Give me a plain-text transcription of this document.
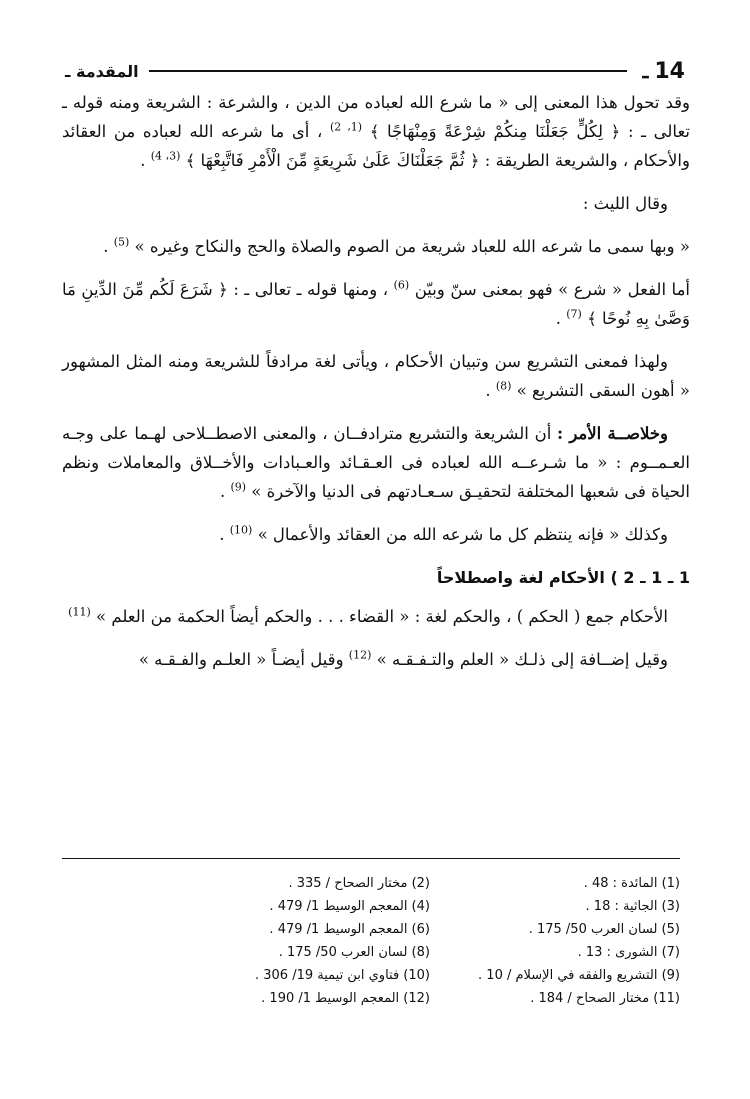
14
ـ
المقدمة ـ

وقد تحول هذا المعنى إلى « ما شرع الله لعباده من الدين ، والشرعة : الشريعة ومنه قوله ـ تعالى ـ : ﴿ لِكُلٍّ جَعَلْنَا مِنكُمْ شِرْعَةً وَمِنْهَاجًا ﴾ $^{(1، 2)}$ ، أى ما شرعه الله لعباده من العقائد والأحكام ، والشريعة الطريقة : ﴿ ثُمَّ جَعَلْنَاكَ عَلَىٰ شَرِيعَةٍ مِّنَ الْأَمْرِ فَاتَّبِعْهَا ﴾ $^{(3، 4)}$ .

وقال الليث :

« وبها سمى ما شرعه الله للعباد شريعة من الصوم والصلاة والحج والنكاح وغيره » $^{(5)}$ .

أما الفعل « شرع » فهو بمعنى سنّ وبيّن $^{(6)}$ ، ومنها قوله ـ تعالى ـ : ﴿ شَرَعَ لَكُم مِّنَ الدِّينِ مَا وَصَّىٰ بِهِ نُوحًا ﴾ $^{(7)}$ .

ولهذا فمعنى التشريع سن وتبيان الأحكام ، ويأتى لغة مرادفاً للشريعة ومنه المثل المشهور « أهون السقى التشريع » $^{(8)}$ .

وخلاصــة الأمر : أن الشريعة والتشريع مترادفــان ، والمعنى الاصطــلاحى لهـما على وجـه العـمــوم : « ما شـرعــه الله لعباده فى العـقـائد والعـبادات والأخــلاق والمعاملات ونظم الحياة فى شعبها المختلفة لتحقيـق سـعـادتهم فى الدنيا والآخرة » $^{(9)}$ .

وكذلك « فإنه ينتظم كل ما شرعه الله من العقائد والأعمال » $^{(10)}$ .

1 ـ 1 ـ 2 ) الأحكام لغة واصطلاحاً

الأحكام جمع ( الحكم ) ، والحكم لغة : « القضاء . . . والحكم أيضاً الحكمة من العلم » $^{(11)}$

وقيل إضــافة إلى ذلـك « العلم والتـفـقـه » $^{(12)}$ وقيل أيضـاً « العلـم والفـقـه »

(1) المائدة : 48 .
(2) مختار الصحاح / 335 .
(3) الجاثية : 18 .
(4) المعجم الوسيط 1/ 479 .
(5) لسان العرب 50/ 175 .
(6) المعجم الوسيط 1/ 479 .
(7) الشورى : 13 .
(8) لسان العرب 50/ 175 .
(9) التشريع والفقه في الإسلام / 10 .
(10) فتاوي ابن تيمية 19/ 306 .
(11) مختار الصحاح / 184 .
(12) المعجم الوسيط 1/ 190 .
